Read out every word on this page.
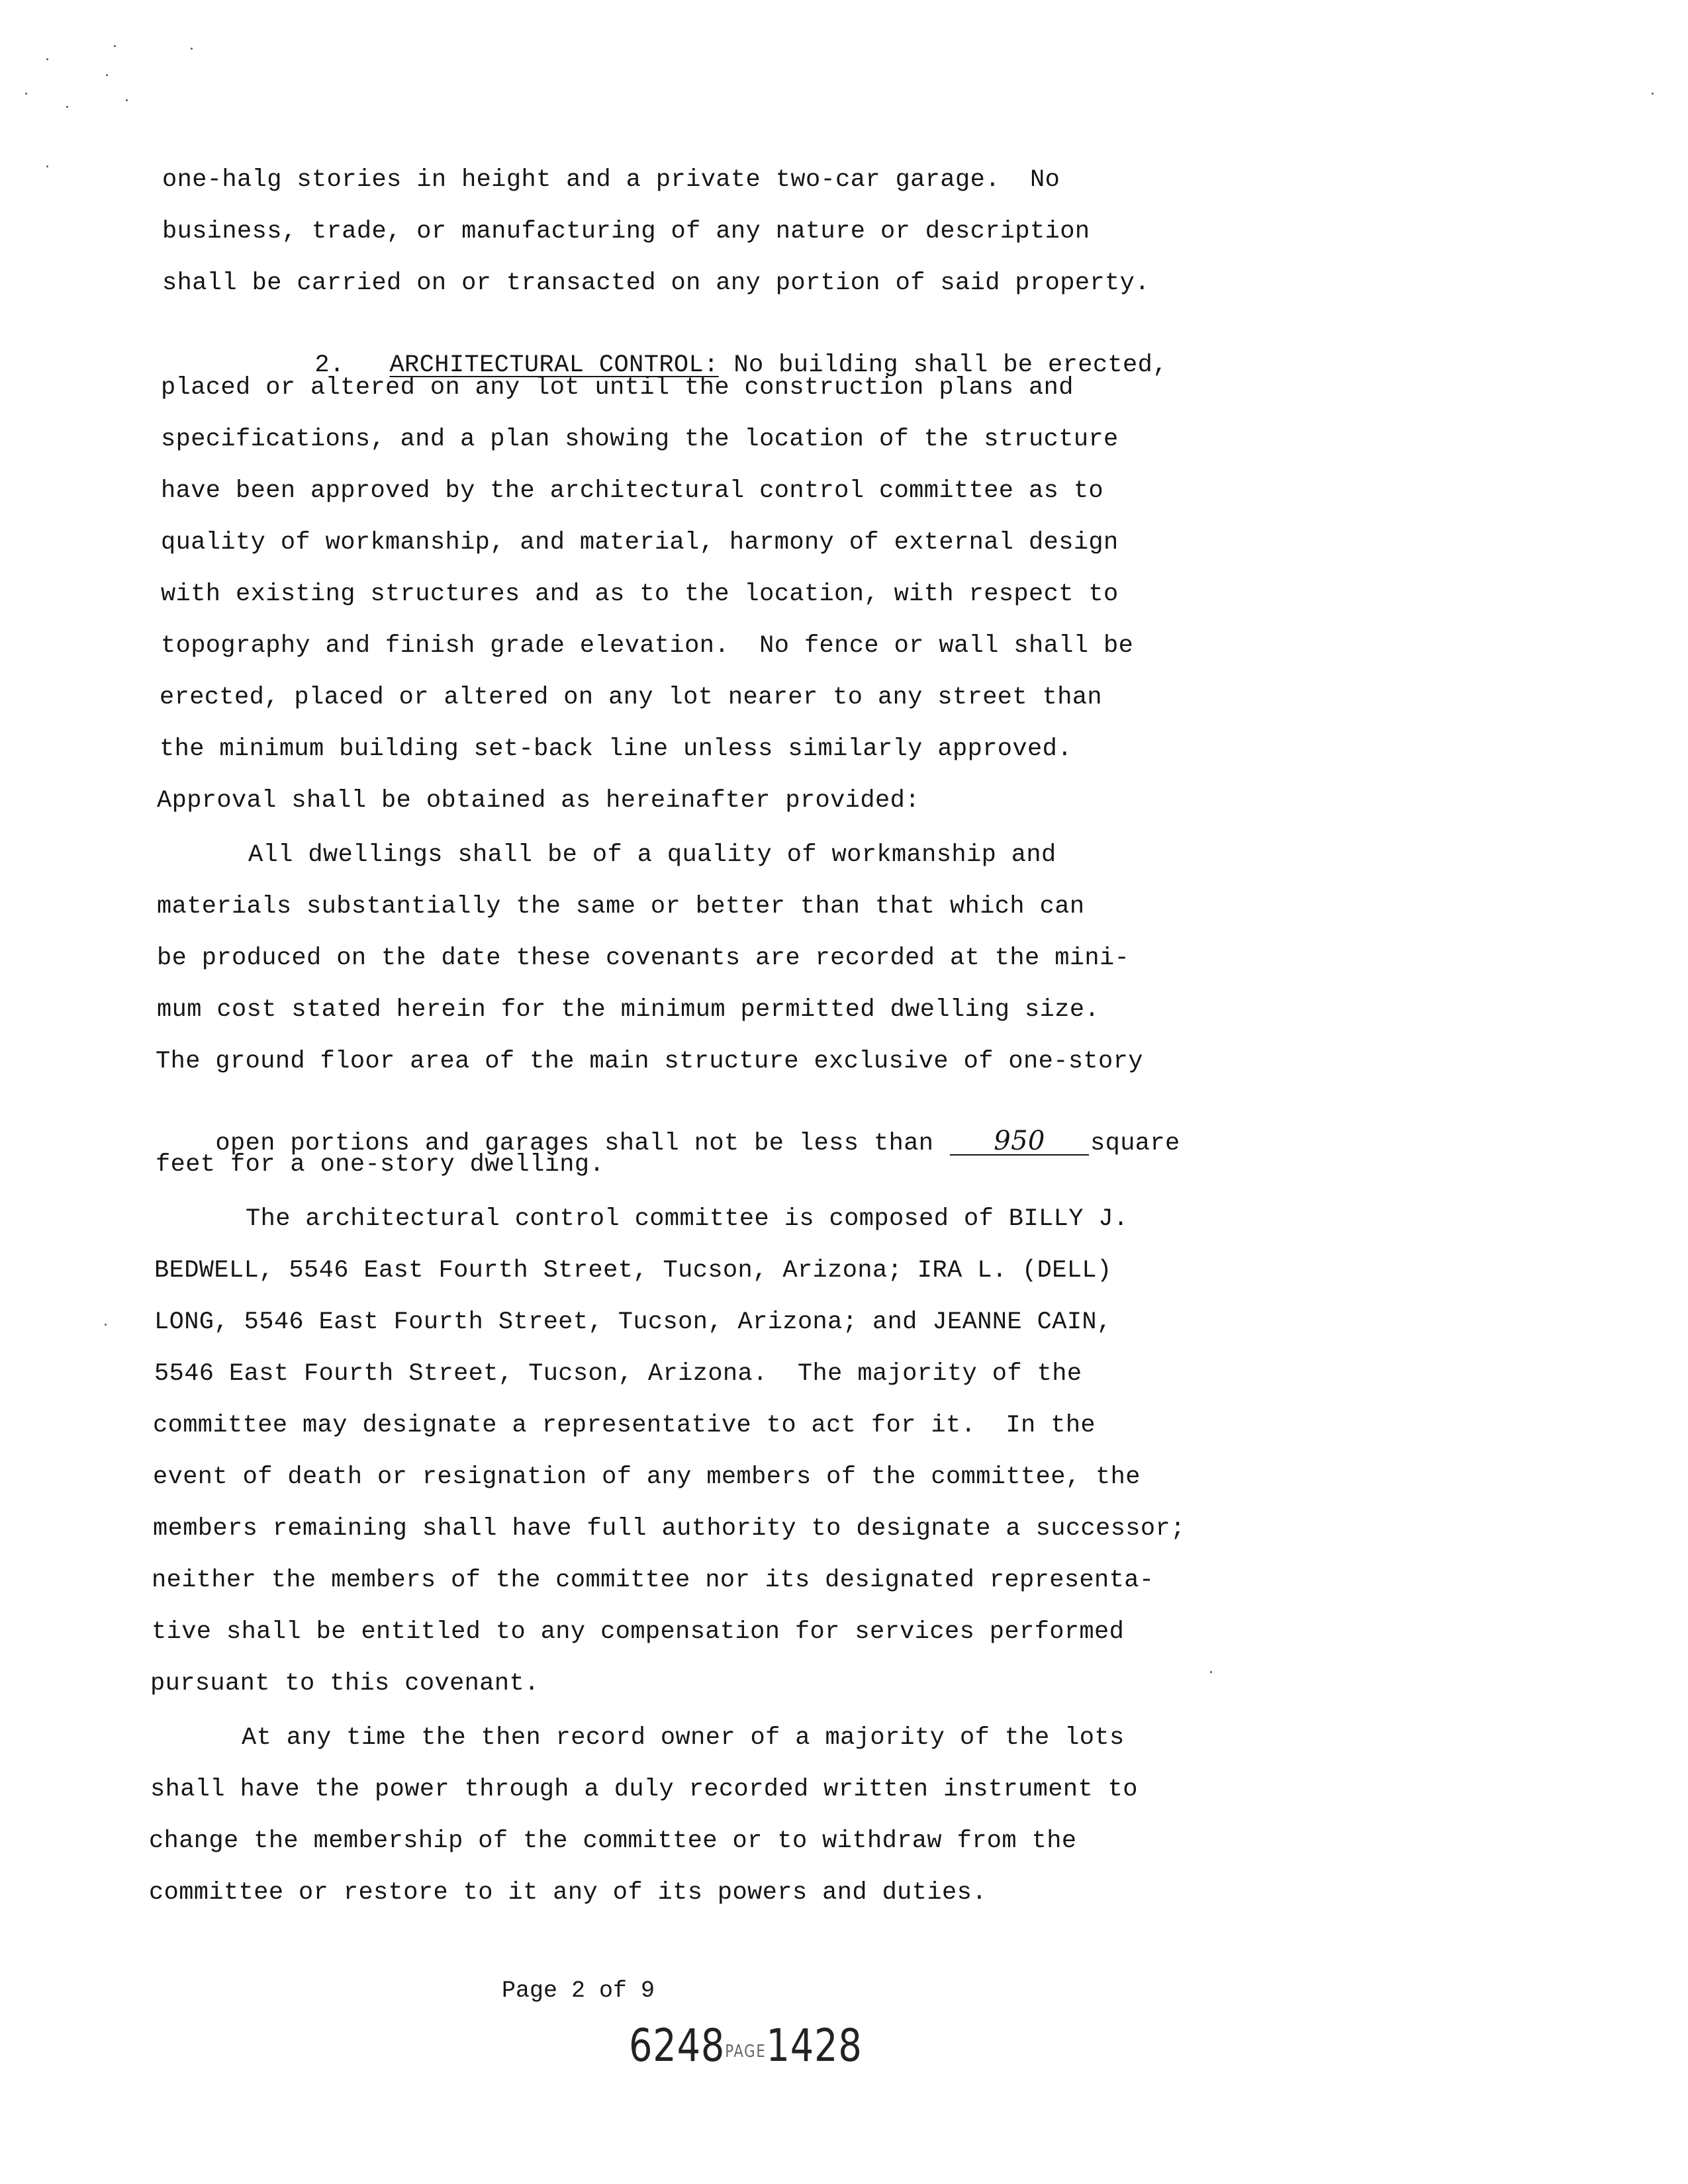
one-halg stories in height and a private two-car garage.  No
business, trade, or manufacturing of any nature or description
shall be carried on or transacted on any portion of said property.

2. ARCHITECTURAL CONTROL: No building shall be erected,

placed or altered on any lot until the construction plans and
specifications, and a plan showing the location of the structure
have been approved by the architectural control committee as to
quality of workmanship, and material, harmony of external design
with existing structures and as to the location, with respect to
topography and finish grade elevation.  No fence or wall shall be
erected, placed or altered on any lot nearer to any street than
the minimum building set-back line unless similarly approved.
Approval shall be obtained as hereinafter provided:
All dwellings shall be of a quality of workmanship and
materials substantially the same or better than that which can
be produced on the date these covenants are recorded at the mini-
mum cost stated herein for the minimum permitted dwelling size.
The ground floor area of the main structure exclusive of one-story

open portions and garages shall not be less than 950 square

feet for a one-story dwelling.
The architectural control committee is composed of BILLY J.
BEDWELL, 5546 East Fourth Street, Tucson, Arizona; IRA L. (DELL)
LONG, 5546 East Fourth Street, Tucson, Arizona; and JEANNE CAIN,
5546 East Fourth Street, Tucson, Arizona.  The majority of the
committee may designate a representative to act for it.  In the
event of death or resignation of any members of the committee, the
members remaining shall have full authority to designate a successor;
neither the members of the committee nor its designated representa-
tive shall be entitled to any compensation for services performed
pursuant to this covenant.
At any time the then record owner of a majority of the lots
shall have the power through a duly recorded written instrument to
change the membership of the committee or to withdraw from the
committee or restore to it any of its powers and duties.
Page 2 of 9
6248PAGE1428
